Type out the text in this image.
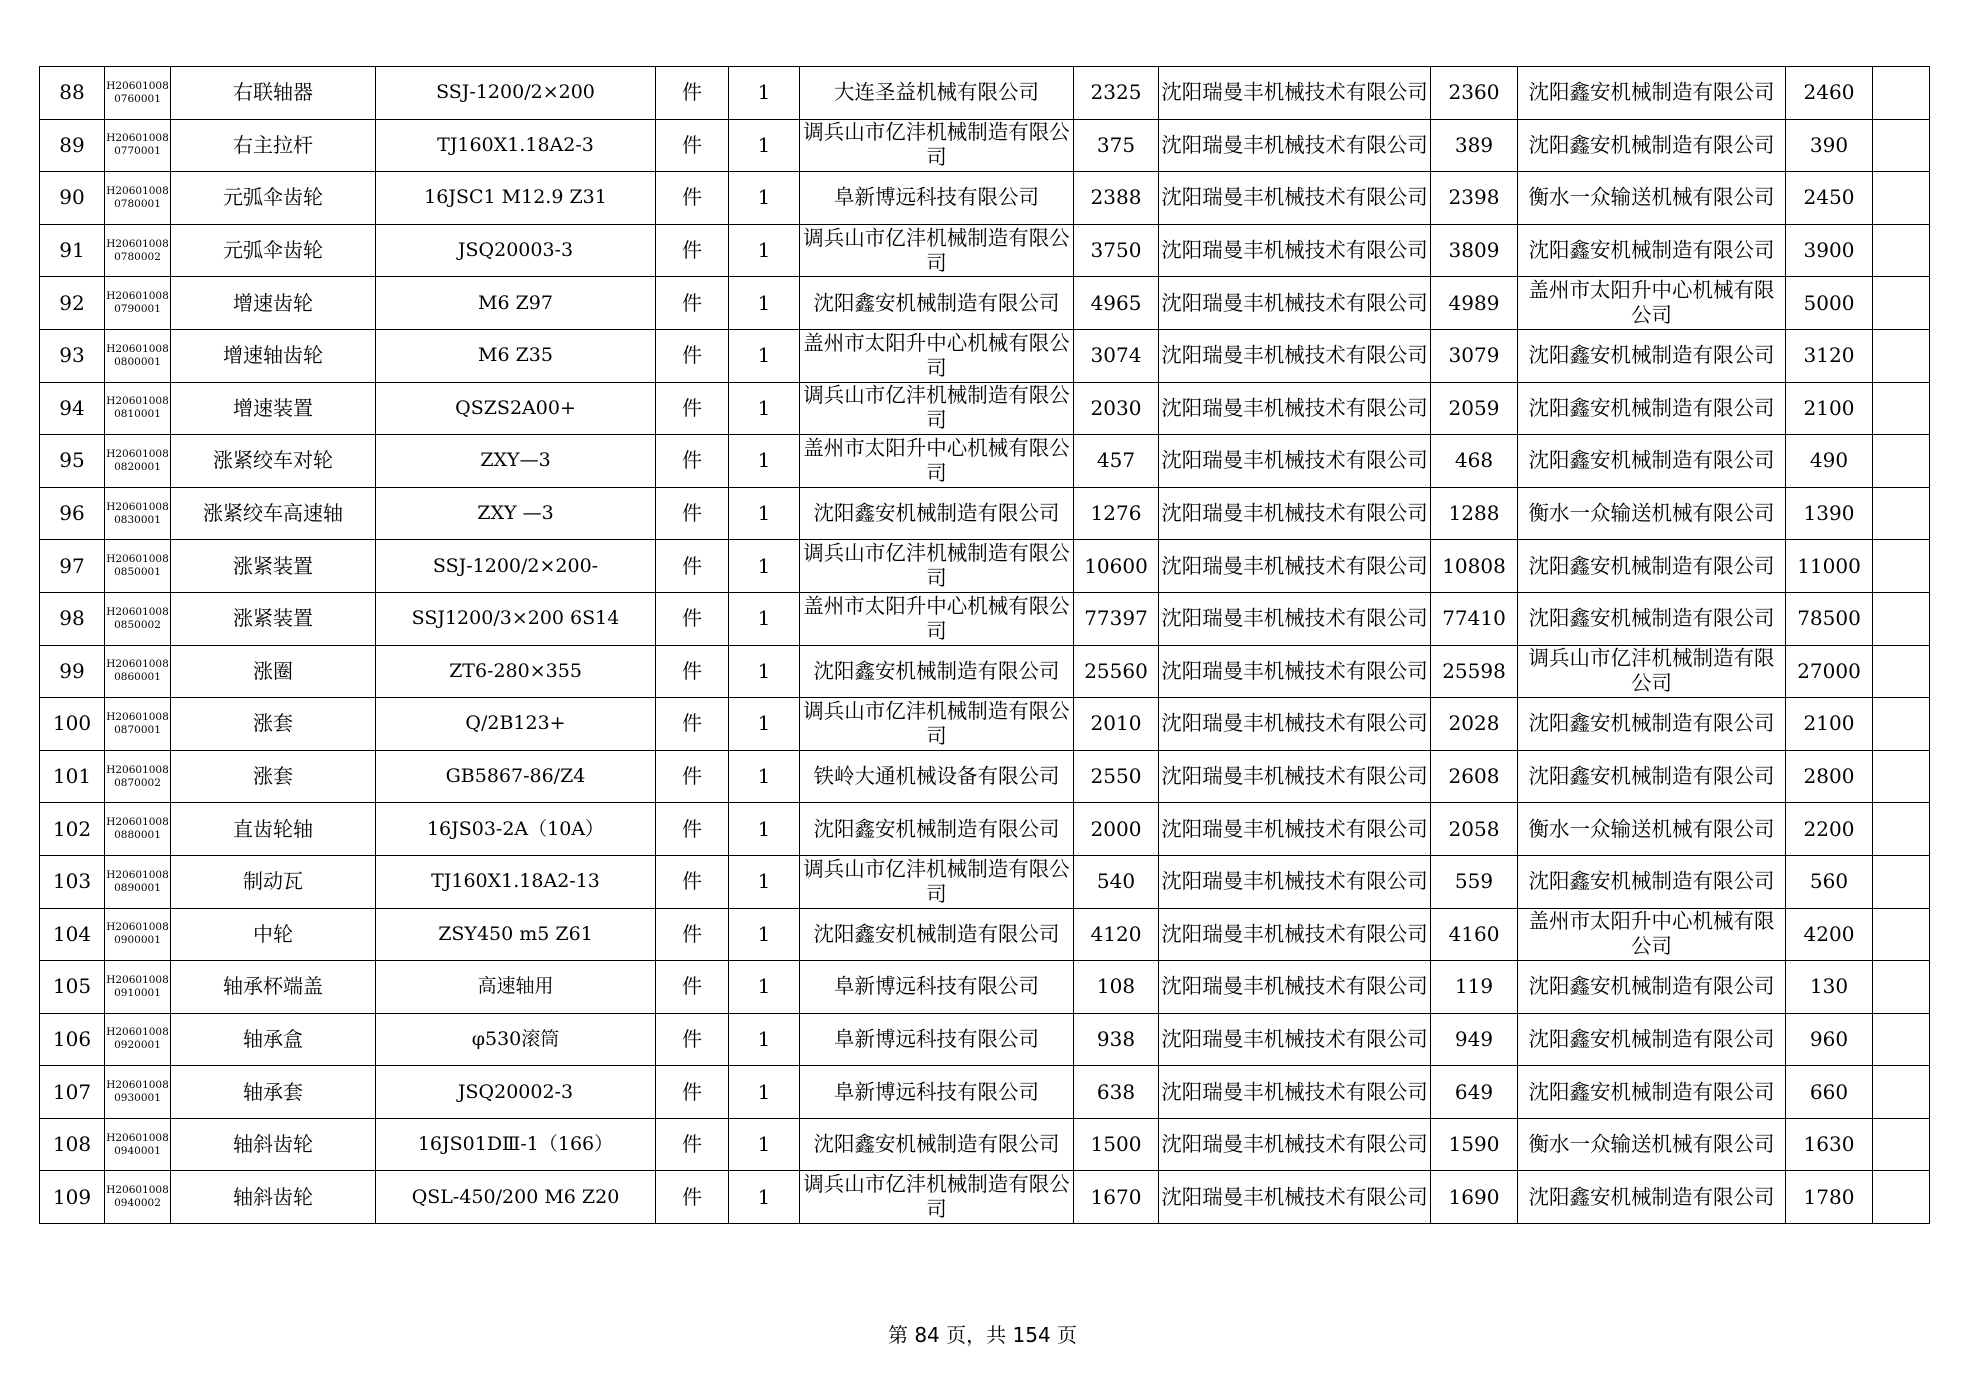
88	H206010080760001	右联轴器	SSJ-1200/2×200	件	1	大连圣益机械有限公司	2325	沈阳瑞曼丰机械技术有限公司	2360	沈阳鑫安机械制造有限公司	2460	
89	H206010080770001	右主拉杆	TJ160X1.18A2-3	件	1	调兵山市亿沣机械制造有限公司	375	沈阳瑞曼丰机械技术有限公司	389	沈阳鑫安机械制造有限公司	390	
90	H206010080780001	元弧伞齿轮	16JSC1 M12.9 Z31	件	1	阜新博远科技有限公司	2388	沈阳瑞曼丰机械技术有限公司	2398	衡水一众输送机械有限公司	2450	
91	H206010080780002	元弧伞齿轮	JSQ20003-3	件	1	调兵山市亿沣机械制造有限公司	3750	沈阳瑞曼丰机械技术有限公司	3809	沈阳鑫安机械制造有限公司	3900	
92	H206010080790001	增速齿轮	M6 Z97	件	1	沈阳鑫安机械制造有限公司	4965	沈阳瑞曼丰机械技术有限公司	4989	盖州市太阳升中心机械有限公司	5000	
93	H206010080800001	增速轴齿轮	M6 Z35	件	1	盖州市太阳升中心机械有限公司	3074	沈阳瑞曼丰机械技术有限公司	3079	沈阳鑫安机械制造有限公司	3120	
94	H206010080810001	增速装置	QSZS2A00+	件	1	调兵山市亿沣机械制造有限公司	2030	沈阳瑞曼丰机械技术有限公司	2059	沈阳鑫安机械制造有限公司	2100	
95	H206010080820001	涨紧绞车对轮	ZXY—3	件	1	盖州市太阳升中心机械有限公司	457	沈阳瑞曼丰机械技术有限公司	468	沈阳鑫安机械制造有限公司	490	
96	H206010080830001	涨紧绞车高速轴	ZXY —3	件	1	沈阳鑫安机械制造有限公司	1276	沈阳瑞曼丰机械技术有限公司	1288	衡水一众输送机械有限公司	1390	
97	H206010080850001	涨紧装置	SSJ-1200/2×200-	件	1	调兵山市亿沣机械制造有限公司	10600	沈阳瑞曼丰机械技术有限公司	10808	沈阳鑫安机械制造有限公司	11000	
98	H206010080850002	涨紧装置	SSJ1200/3×200 6S14	件	1	盖州市太阳升中心机械有限公司	77397	沈阳瑞曼丰机械技术有限公司	77410	沈阳鑫安机械制造有限公司	78500	
99	H206010080860001	涨圈	ZT6-280×355	件	1	沈阳鑫安机械制造有限公司	25560	沈阳瑞曼丰机械技术有限公司	25598	调兵山市亿沣机械制造有限公司	27000	
100	H206010080870001	涨套	Q/2B123+	件	1	调兵山市亿沣机械制造有限公司	2010	沈阳瑞曼丰机械技术有限公司	2028	沈阳鑫安机械制造有限公司	2100	
101	H206010080870002	涨套	GB5867-86/Z4	件	1	铁岭大通机械设备有限公司	2550	沈阳瑞曼丰机械技术有限公司	2608	沈阳鑫安机械制造有限公司	2800	
102	H206010080880001	直齿轮轴	16JS03-2A（10A）	件	1	沈阳鑫安机械制造有限公司	2000	沈阳瑞曼丰机械技术有限公司	2058	衡水一众输送机械有限公司	2200	
103	H206010080890001	制动瓦	TJ160X1.18A2-13	件	1	调兵山市亿沣机械制造有限公司	540	沈阳瑞曼丰机械技术有限公司	559	沈阳鑫安机械制造有限公司	560	
104	H206010080900001	中轮	ZSY450 m5 Z61	件	1	沈阳鑫安机械制造有限公司	4120	沈阳瑞曼丰机械技术有限公司	4160	盖州市太阳升中心机械有限公司	4200	
105	H206010080910001	轴承杯端盖	高速轴用	件	1	阜新博远科技有限公司	108	沈阳瑞曼丰机械技术有限公司	119	沈阳鑫安机械制造有限公司	130	
106	H206010080920001	轴承盒	φ530滚筒	件	1	阜新博远科技有限公司	938	沈阳瑞曼丰机械技术有限公司	949	沈阳鑫安机械制造有限公司	960	
107	H206010080930001	轴承套	JSQ20002-3	件	1	阜新博远科技有限公司	638	沈阳瑞曼丰机械技术有限公司	649	沈阳鑫安机械制造有限公司	660	
108	H206010080940001	轴斜齿轮	16JS01DⅢ-1（166）	件	1	沈阳鑫安机械制造有限公司	1500	沈阳瑞曼丰机械技术有限公司	1590	衡水一众输送机械有限公司	1630	
109	H206010080940002	轴斜齿轮	QSL-450/200 M6 Z20	件	1	调兵山市亿沣机械制造有限公司	1670	沈阳瑞曼丰机械技术有限公司	1690	沈阳鑫安机械制造有限公司	1780	
第 84 页，共 154 页
